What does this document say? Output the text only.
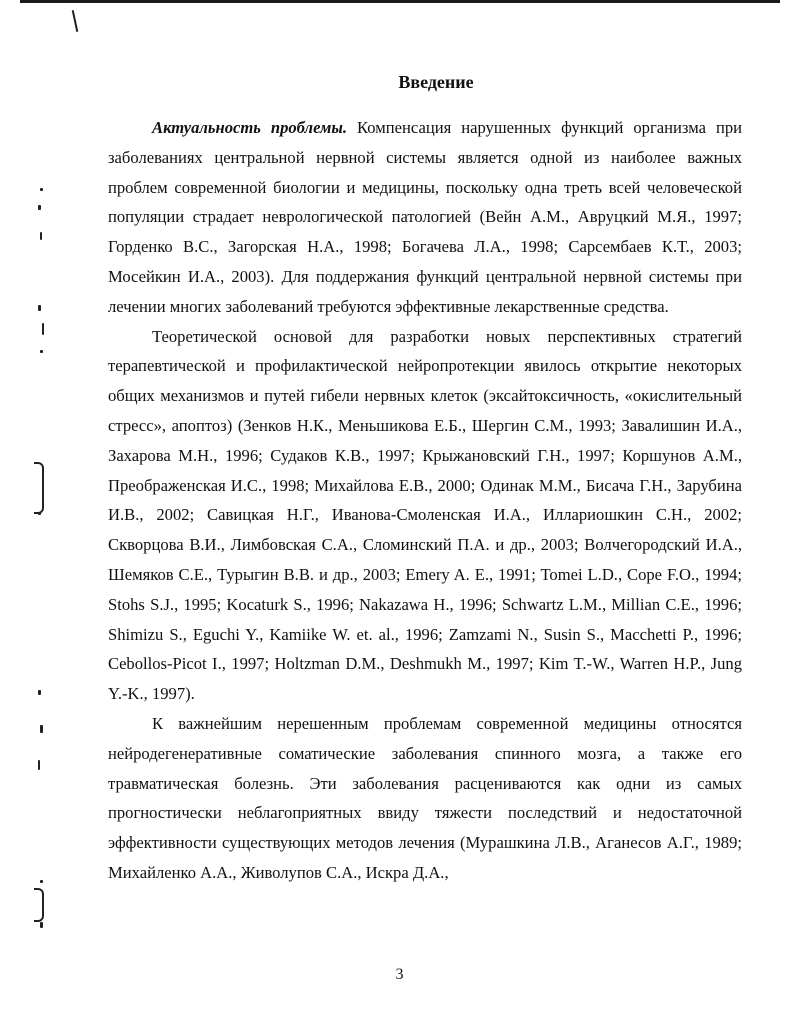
Введение

Актуальность проблемы. Компенсация нарушенных функций организма при заболеваниях центральной нервной системы является одной из наиболее важных проблем современной биологии и медицины, поскольку одна треть всей человеческой популяции страдает неврологической патологией (Вейн А.М., Авруцкий М.Я., 1997; Горденко В.С., Загорская Н.А., 1998; Богачева Л.А., 1998; Сарсембаев К.Т., 2003; Мосейкин И.А., 2003). Для поддержания функций центральной нервной системы при лечении многих заболеваний требуются эффективные лекарственные средства.

Теоретической основой для разработки новых перспективных стратегий терапевтической и профилактической нейропротекции явилось открытие некоторых общих механизмов и путей гибели нервных клеток (эксайтоксичность, «окислительный стресс», апоптоз) (Зенков Н.К., Меньшикова Е.Б., Шергин С.М., 1993; Завалишин И.А., Захарова М.Н., 1996; Судаков К.В., 1997; Крыжановский Г.Н., 1997; Коршунов А.М., Преображенская И.С., 1998; Михайлова Е.В., 2000; Одинак М.М., Бисача Г.Н., Зарубина И.В., 2002; Савицкая Н.Г., Иванова-Смоленская И.А., Иллариошкин С.Н., 2002; Скворцова В.И., Лимбовская С.А., Сломинский П.А. и др., 2003; Волчегородский И.А., Шемяков С.Е., Турыгин В.В. и др., 2003; Emery A. E., 1991; Tomei L.D., Cope F.O., 1994; Stohs S.J., 1995; Kocaturk S., 1996; Nakazawa H., 1996; Schwartz L.M., Millian C.E., 1996; Shimizu S., Eguchi Y., Kamiike W. et. al., 1996; Zamzami N., Susin S., Macchetti P., 1996; Cebollos-Picot I., 1997; Holtzman D.M., Deshmukh M., 1997; Kim T.-W., Warren H.P., Jung Y.-K., 1997).

К важнейшим нерешенным проблемам современной медицины относятся нейродегенеративные соматические заболевания спинного мозга, а также его травматическая болезнь. Эти заболевания расцениваются как одни из самых прогностически неблагоприятных ввиду тяжести последствий и недостаточной эффективности существующих методов лечения (Мурашкина Л.В., Аганесов А.Г., 1989; Михайленко А.А., Живолупов С.А., Искра Д.А.,

3
